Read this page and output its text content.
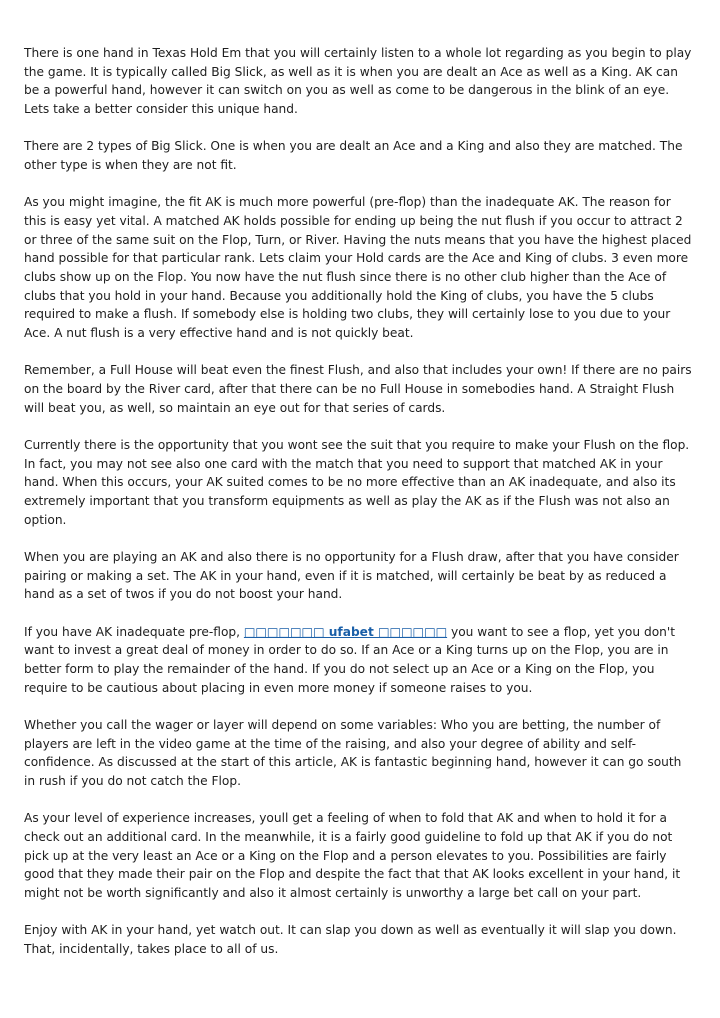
There is one hand in Texas Hold Em that you will certainly listen to a whole lot regarding as you begin to play the game. It is typically called Big Slick, as well as it is when you are dealt an Ace as well as a King. AK can be a powerful hand, however it can switch on you as well as come to be dangerous in the blink of an eye. Lets take a better consider this unique hand.

There are 2 types of Big Slick. One is when you are dealt an Ace and a King and also they are matched. The other type is when they are not fit.

As you might imagine, the fit AK is much more powerful (pre-flop) than the inadequate AK. The reason for this is easy yet vital. A matched AK holds possible for ending up being the nut flush if you occur to attract 2 or three of the same suit on the Flop, Turn, or River. Having the nuts means that you have the highest placed hand possible for that particular rank. Lets claim your Hold cards are the Ace and King of clubs. 3 even more clubs show up on the Flop. You now have the nut flush since there is no other club higher than the Ace of clubs that you hold in your hand. Because you additionally hold the King of clubs, you have the 5 clubs required to make a flush. If somebody else is holding two clubs, they will certainly lose to you due to your Ace. A nut flush is a very effective hand and is not quickly beat.

Remember, a Full House will beat even the finest Flush, and also that includes your own! If there are no pairs on the board by the River card, after that there can be no Full House in somebodies hand. A Straight Flush will beat you, as well, so maintain an eye out for that series of cards.

Currently there is the opportunity that you wont see the suit that you require to make your Flush on the flop. In fact, you may not see also one card with the match that you need to support that matched AK in your hand. When this occurs, your AK suited comes to be no more effective than an AK inadequate, and also its extremely important that you transform equipments as well as play the AK as if the Flush was not also an option.

When you are playing an AK and also there is no opportunity for a Flush draw, after that you have consider pairing or making a set. The AK in your hand, even if it is matched, will certainly be beat by as reduced a hand as a set of twos if you do not boost your hand.

If you have AK inadequate pre-flop, □□□□□□□ ufabet □□□□□□ you want to see a flop, yet you don't want to invest a great deal of money in order to do so. If an Ace or a King turns up on the Flop, you are in better form to play the remainder of the hand. If you do not select up an Ace or a King on the Flop, you require to be cautious about placing in even more money if someone raises to you.

Whether you call the wager or layer will depend on some variables: Who you are betting, the number of players are left in the video game at the time of the raising, and also your degree of ability and self-confidence. As discussed at the start of this article, AK is fantastic beginning hand, however it can go south in rush if you do not catch the Flop.

As your level of experience increases, youll get a feeling of when to fold that AK and when to hold it for a check out an additional card. In the meanwhile, it is a fairly good guideline to fold up that AK if you do not pick up at the very least an Ace or a King on the Flop and a person elevates to you. Possibilities are fairly good that they made their pair on the Flop and despite the fact that that AK looks excellent in your hand, it might not be worth significantly and also it almost certainly is unworthy a large bet call on your part.

Enjoy with AK in your hand, yet watch out. It can slap you down as well as eventually it will slap you down. That, incidentally, takes place to all of us.
